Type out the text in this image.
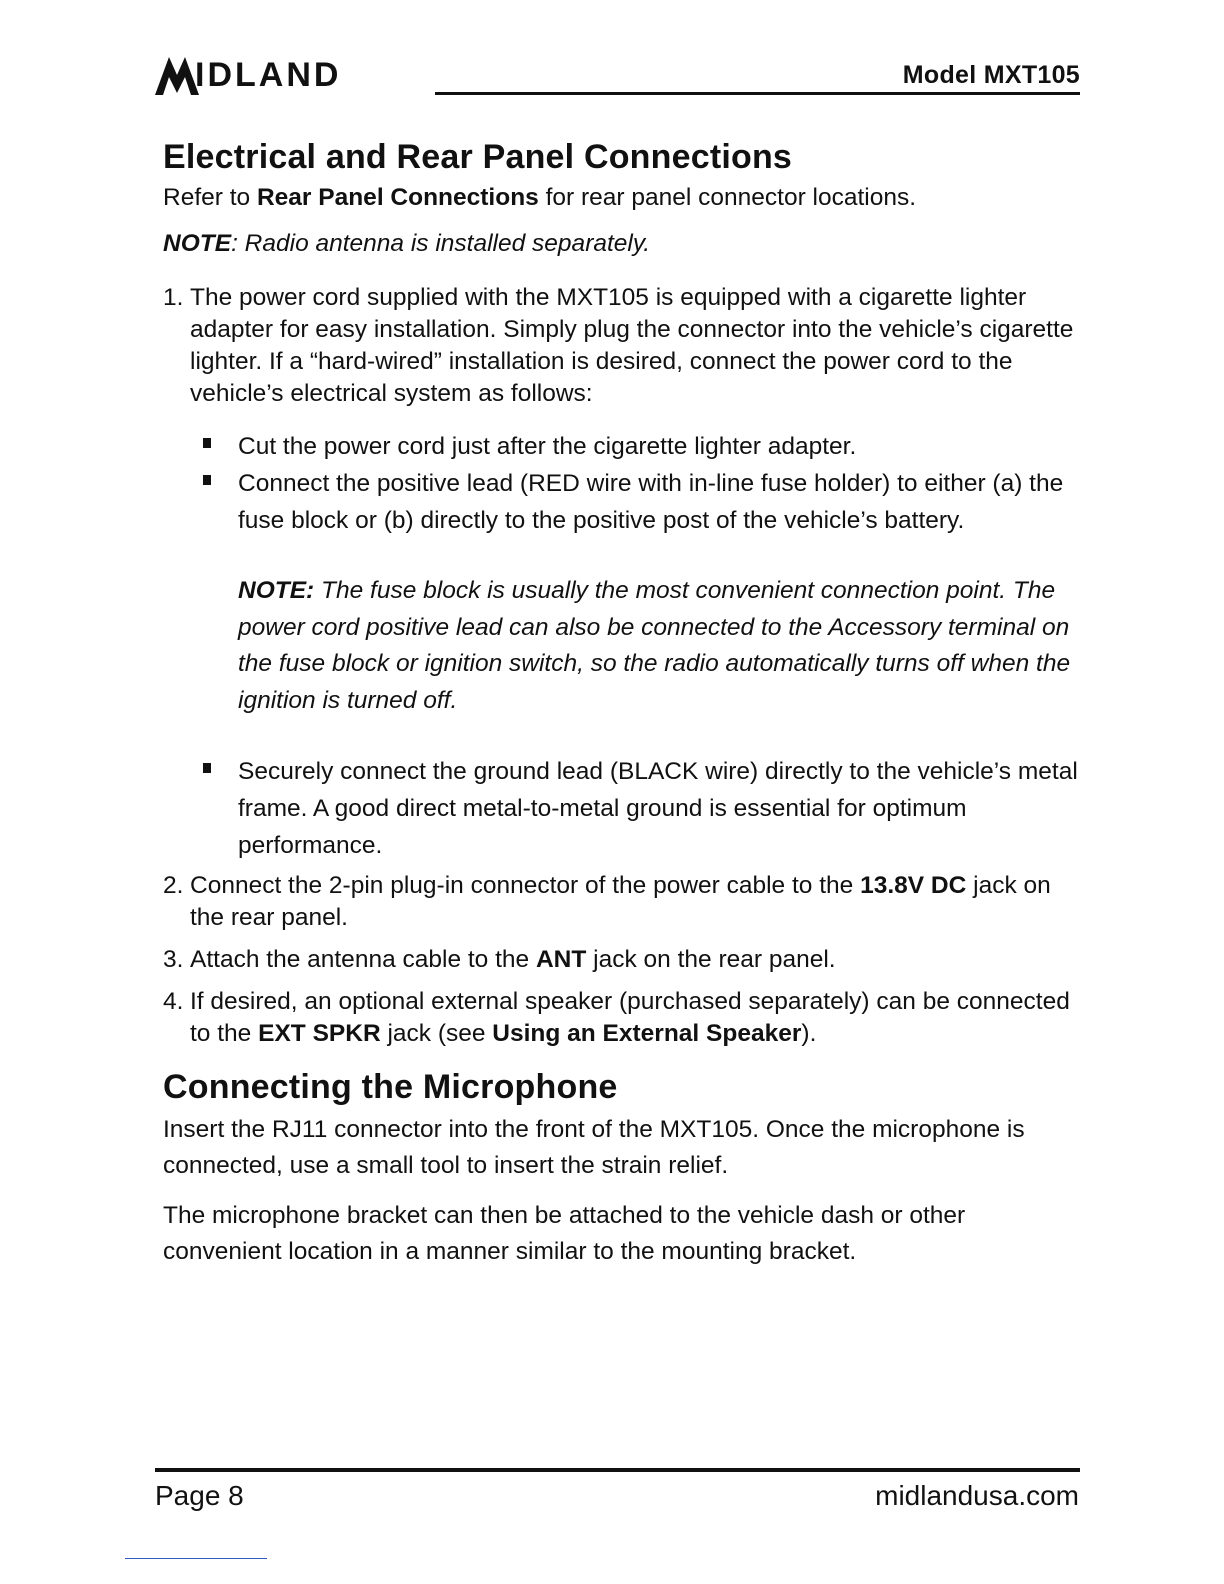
IDLAND	Model MXT105
Electrical and Rear Panel Connections

Refer to Rear Panel Connections for rear panel connector locations.

NOTE: Radio antenna is installed separately.

1. The power cord supplied with the MXT105 is equipped with a cigarette lighter adapter for easy installation. Simply plug the connector into the vehicle’s cigarette lighter. If a “hard-wired” installation is desired, connect the power cord to the vehicle’s electrical system as follows:

Cut the power cord just after the cigarette lighter adapter.
Connect the positive lead (RED wire with in-line fuse holder) to either (a) the fuse block or (b) directly to the positive post of the vehicle’s battery.

NOTE: The fuse block is usually the most convenient connection point. The power cord positive lead can also be connected to the Accessory terminal on the fuse block or ignition switch, so the radio automatically turns off when the ignition is turned off.

Securely connect the ground lead (BLACK wire) directly to the vehicle’s metal frame. A good direct metal-to-metal ground is essential for optimum performance.
2. Connect the 2-pin plug-in connector of the power cable to the 13.8V DC jack on the rear panel.

3. Attach the antenna cable to the ANT jack on the rear panel.

4. If desired, an optional external speaker (purchased separately) can be connected to the EXT SPKR jack (see Using an External Speaker).

Connecting the Microphone

Insert the RJ11 connector into the front of the MXT105. Once the microphone is connected, use a small tool to insert the strain relief.

The microphone bracket can then be attached to the vehicle dash or other convenient location in a manner similar to the mounting bracket.

Page 8	midlandusa.com
